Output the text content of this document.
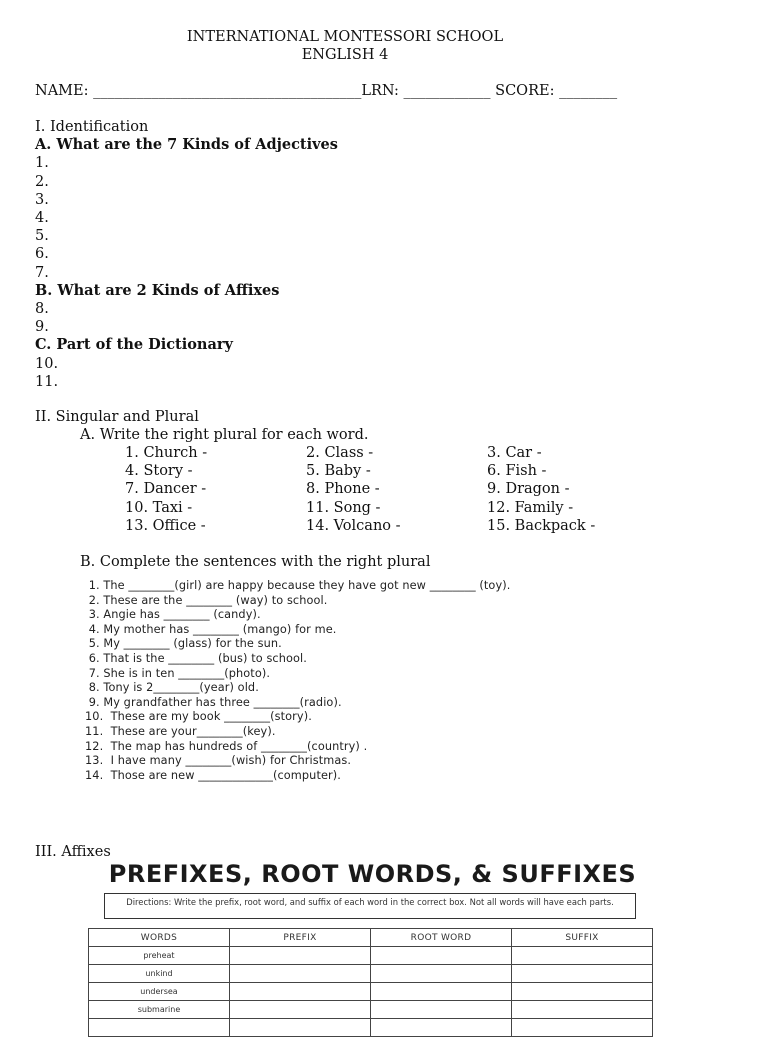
INTERNATIONAL MONTESSORI SCHOOL
ENGLISH 4
NAME: _____________________________________LRN: ____________ SCORE: ________
I. Identification
A. What are the 7 Kinds of Adjectives
1.
2.
3.
4.
5.
6.
7.
B. What are 2 Kinds of Affixes
8.
9.
C. Part of the Dictionary
10.
11.
II. Singular and Plural
A. Write the right plural for each word.
1. Church -	2. Class -	3. Car -
4. Story -	5. Baby -	6. Fish -
7. Dancer -	8. Phone -	9. Dragon -
10. Taxi -	11. Song -	12. Family -
13. Office -	14. Volcano -	15. Backpack -
B. Complete the sentences with the right plural
1. The ________(girl) are happy because they have got new ________ (toy).
2. These are the ________ (way) to school.
3. Angie has ________ (candy).
4. My mother has ________ (mango) for me.
5. My ________ (glass) for the sun.
6. That is the ________ (bus) to school.
7. She is in ten ________(photo).
8. Tony is 2________(year) old.
9. My grandfather has three ________(radio).
10.  These are my book ________(story).
11.  These are your________(key).
12.  The map has hundreds of ________(country) .
13.  I have many ________(wish) for Christmas.
14.  Those are new _____________(computer).
III. Affixes
PREFIXES, ROOT WORDS, & SUFFIXES
Directions: Write the prefix, root word, and suffix of each word in the correct box. Not all words will have each parts.
WORDS	PREFIX	ROOT WORD	SUFFIX
preheat			
unkind			
undersea			
submarine			
